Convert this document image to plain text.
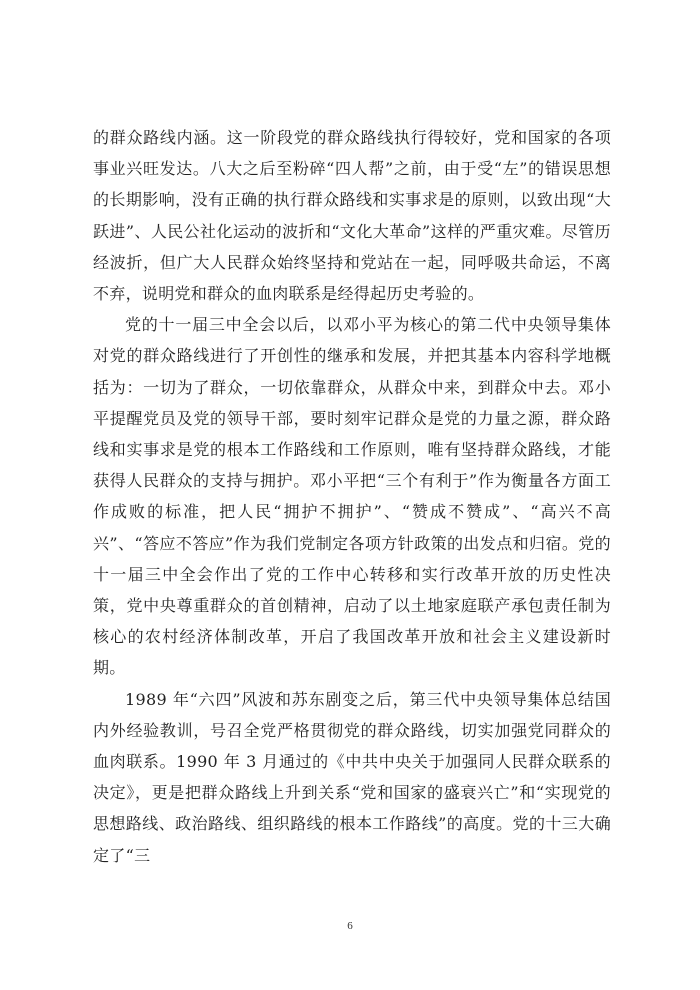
的群众路线内涵。这一阶段党的群众路线执行得较好，党和国家的各项事业兴旺发达。八大之后至粉碎“四人帮”之前，由于受“左”的错误思想的长期影响，没有正确的执行群众路线和实事求是的原则，以致出现“大跃进”、人民公社化运动的波折和“文化大革命”这样的严重灾难。尽管历经波折，但广大人民群众始终坚持和党站在一起，同呼吸共命运，不离不弃，说明党和群众的血肉联系是经得起历史考验的。

党的十一届三中全会以后，以邓小平为核心的第二代中央领导集体对党的群众路线进行了开创性的继承和发展，并把其基本内容科学地概括为：一切为了群众，一切依靠群众，从群众中来，到群众中去。邓小平提醒党员及党的领导干部，要时刻牢记群众是党的力量之源，群众路线和实事求是党的根本工作路线和工作原则，唯有坚持群众路线，才能获得人民群众的支持与拥护。邓小平把“三个有利于”作为衡量各方面工作成败的标准，把人民“拥护不拥护”、“赞成不赞成”、“高兴不高兴”、“答应不答应”作为我们党制定各项方针政策的出发点和归宿。党的十一届三中全会作出了党的工作中心转移和实行改革开放的历史性决策，党中央尊重群众的首创精神，启动了以土地家庭联产承包责任制为核心的农村经济体制改革，开启了我国改革开放和社会主义建设新时期。

1989 年“六四”风波和苏东剧变之后，第三代中央领导集体总结国内外经验教训，号召全党严格贯彻党的群众路线，切实加强党同群众的血肉联系。1990 年 3 月通过的《中共中央关于加强同人民群众联系的决定》，更是把群众路线上升到关系“党和国家的盛衰兴亡”和“实现党的思想路线、政治路线、组织路线的根本工作路线”的高度。党的十三大确定了“三

6
